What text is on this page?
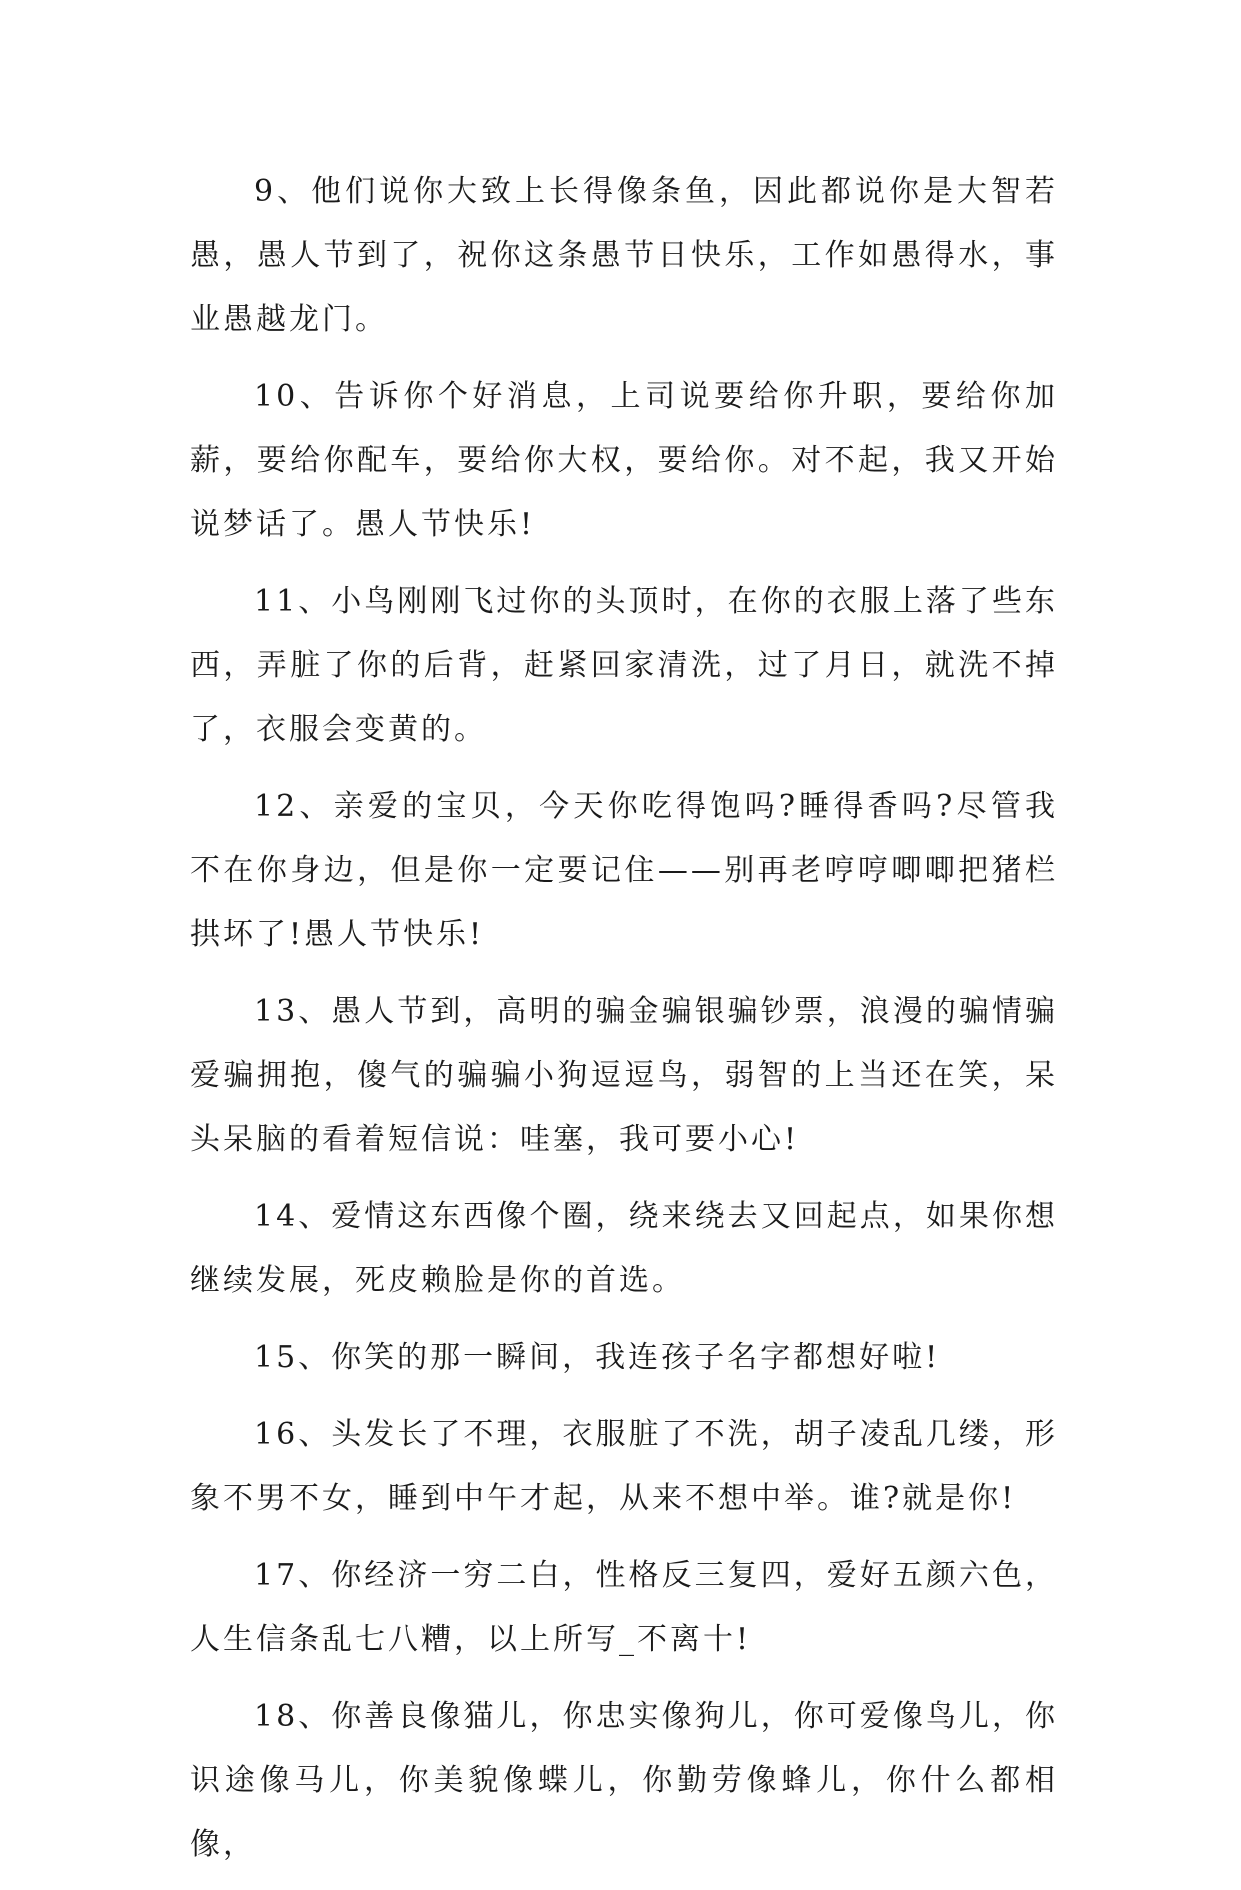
9、他们说你大致上长得像条鱼，因此都说你是大智若愚，愚人节到了，祝你这条愚节日快乐，工作如愚得水，事业愚越龙门。

10、告诉你个好消息，上司说要给你升职，要给你加薪，要给你配车，要给你大权，要给你。对不起，我又开始说梦话了。愚人节快乐!

11、小鸟刚刚飞过你的头顶时，在你的衣服上落了些东西，弄脏了你的后背，赶紧回家清洗，过了月日，就洗不掉了，衣服会变黄的。

12、亲爱的宝贝，今天你吃得饱吗?睡得香吗?尽管我不在你身边，但是你一定要记住——别再老哼哼唧唧把猪栏拱坏了!愚人节快乐!

13、愚人节到，高明的骗金骗银骗钞票，浪漫的骗情骗爱骗拥抱，傻气的骗骗小狗逗逗鸟，弱智的上当还在笑，呆头呆脑的看着短信说：哇塞，我可要小心!

14、爱情这东西像个圈，绕来绕去又回起点，如果你想继续发展，死皮赖脸是你的首选。

15、你笑的那一瞬间，我连孩子名字都想好啦!

16、头发长了不理，衣服脏了不洗，胡子凌乱几缕，形象不男不女，睡到中午才起，从来不想中举。谁?就是你!

17、你经济一穷二白，性格反三复四，爱好五颜六色，人生信条乱七八糟，以上所写_不离十!

18、你善良像猫儿，你忠实像狗儿，你可爱像鸟儿，你识途像马儿，你美貌像蝶儿，你勤劳像蜂儿，你什么都相像，
